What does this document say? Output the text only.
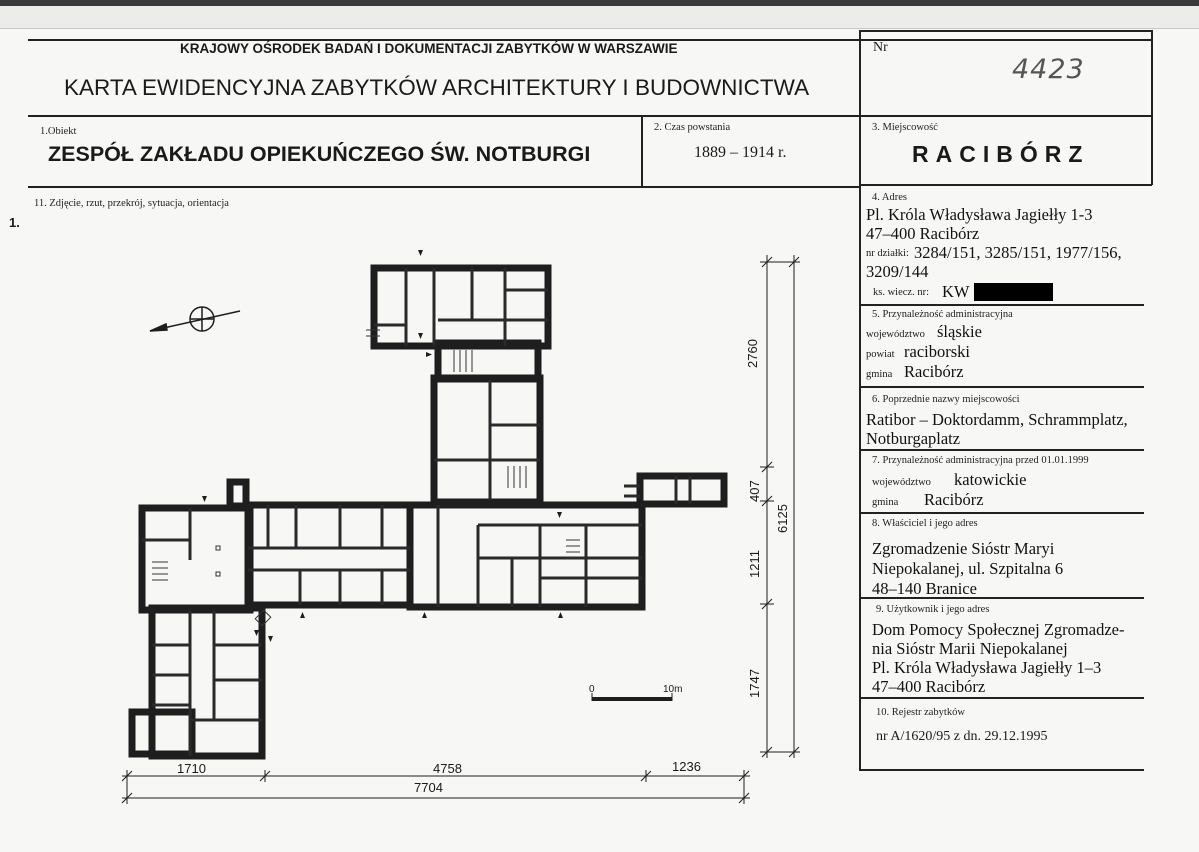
KRAJOWY OŚRODEK BADAŃ I DOKUMENTACJI ZABYTKÓW W WARSZAWIE
KARTA EWIDENCYJNA ZABYTKÓW ARCHITEKTURY I BUDOWNICTWA
Nr
4423
1.Obiekt
ZESPÓŁ ZAKŁADU OPIEKUŃCZEGO ŚW. NOTBURGI
2. Czas powstania
1889 – 1914 r.
3. Miejscowość
RACIBÓRZ
11. Zdjęcie, rzut, przekrój, sytuacja, orientacja
1.
4. Adres
Pl. Króla Władysława Jagiełły 1-3
47–400 Racibórz
nr działki: 3284/151, 3285/151, 1977/156,
3209/144
ks. wiecz. nr: KW
5. Przynależność administracyjna
województwo śląskie
powiat raciborski
gmina Racibórz
6. Poprzednie nazwy miejscowości
Ratibor – Doktordamm, Schrammplatz,
Notburgaplatz
7. Przynależność administracyjna przed 01.01.1999
województwo katowickie
gmina Racibórz
8. Właściciel i jego adres
Zgromadzenie Sióstr Maryi
Niepokalanej, ul. Szpitalna 6
48–140 Branice
9. Użytkownik i jego adres
Dom Pomocy Społecznej Zgromadze-
nia Sióstr Marii Niepokalanej
Pl. Króla Władysława Jagiełły 1–3
47–400 Racibórz
10. Rejestr zabytków
nr A/1620/95 z dn. 29.12.1995
1710	4758	1236
7704
2760
407
1211
1747
6125
0	10m
